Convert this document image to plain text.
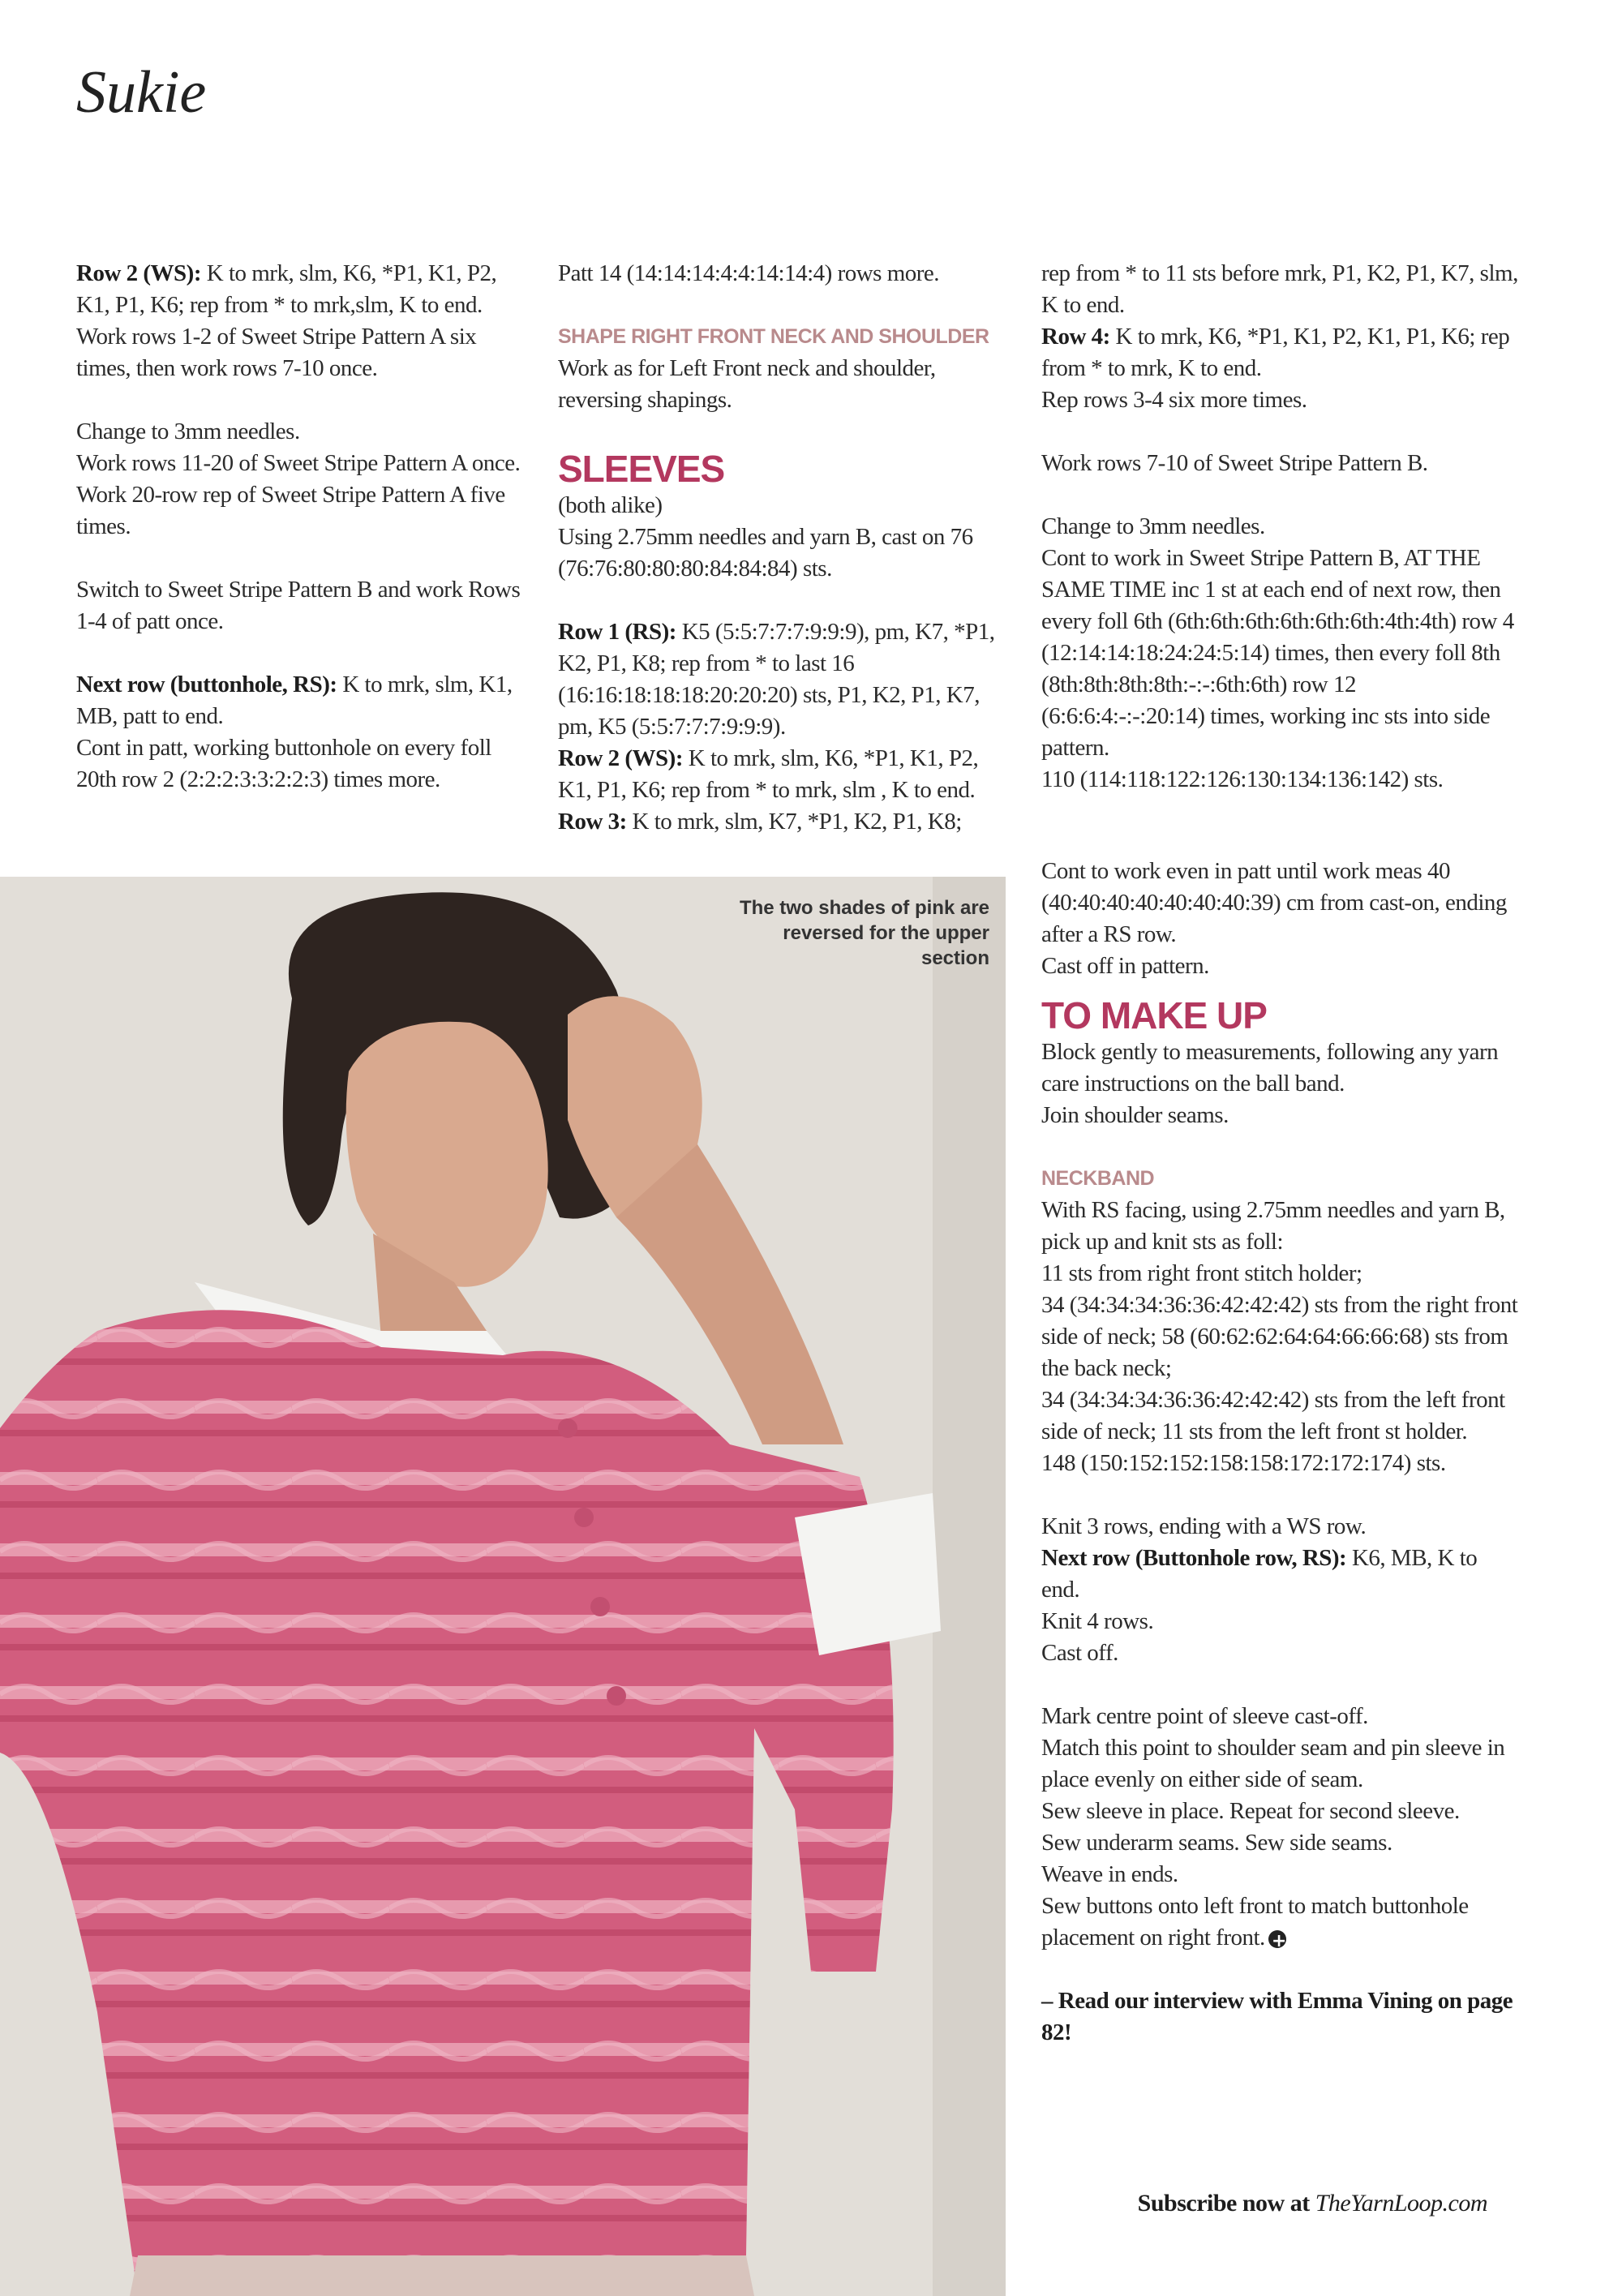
Sukie

Row 2 (WS): K to mrk, slm, K6, *P1, K1, P2, K1, P1, K6; rep from * to mrk,slm, K to end. Work rows 1-2 of Sweet Stripe Pattern A six times, then work rows 7-10 once.

Change to 3mm needles.

Work rows 11-20 of Sweet Stripe Pattern A once.

Work 20-row rep of Sweet Stripe Pattern A five times.

Switch to Sweet Stripe Pattern B and work Rows 1-4 of patt once.

Next row (buttonhole, RS): K to mrk, slm, K1, MB, patt to end.

Cont in patt, working buttonhole on every foll 20th row 2 (2:2:2:3:3:2:2:3) times more.

Patt 14 (14:14:14:4:4:14:14:4) rows more.

SHAPE RIGHT FRONT NECK AND SHOULDER

Work as for Left Front neck and shoulder, reversing shapings.

SLEEVES

(both alike)

Using 2.75mm needles and yarn B, cast on 76 (76:76:80:80:80:84:84:84) sts.

Row 1 (RS): K5 (5:5:7:7:7:9:9:9), pm, K7, *P1, K2, P1, K8; rep from * to last 16 (16:16:18:18:18:20:20:20) sts, P1, K2, P1, K7, pm, K5 (5:5:7:7:7:9:9:9).

Row 2 (WS): K to mrk, slm, K6, *P1, K1, P2, K1, P1, K6; rep from * to mrk, slm , K to end.

Row 3: K to mrk, slm, K7, *P1, K2, P1, K8;

rep from * to 11 sts before mrk, P1, K2, P1, K7, slm, K to end.

Row 4: K to mrk, K6, *P1, K1, P2, K1, P1, K6; rep from * to mrk, K to end.

Rep rows 3-4 six more times.

Work rows 7-10 of Sweet Stripe Pattern B.

Change to 3mm needles.

Cont to work in Sweet Stripe Pattern B, AT THE SAME TIME inc 1 st at each end of next row, then every foll 6th (6th:6th:6th:6th:6th:6th:4th:4th) row 4 (12:14:14:18:24:24:5:14) times, then every foll 8th (8th:8th:8th:8th:-:-:6th:6th) row 12 (6:6:6:4:-:-:20:14) times, working inc sts into side pattern.

110 (114:118:122:126:130:134:136:142) sts.

Cont to work even in patt until work meas 40 (40:40:40:40:40:40:40:39) cm from cast-on, ending after a RS row.

Cast off in pattern.

TO MAKE UP

Block gently to measurements, following any yarn care instructions on the ball band.

Join shoulder seams.

NECKBAND

With RS facing, using 2.75mm needles and yarn B, pick up and knit sts as foll:

11 sts from right front stitch holder;

34 (34:34:34:36:36:42:42:42) sts from the right front side of neck; 58 (60:62:62:64:64:66:66:68) sts from the back neck;

34 (34:34:34:36:36:42:42:42) sts from the left front side of neck; 11 sts from the left front st holder.

148 (150:152:152:158:158:172:172:174) sts.

Knit 3 rows, ending with a WS row.

Next row (Buttonhole row, RS): K6, MB, K to end.

Knit 4 rows.

Cast off.

Mark centre point of sleeve cast-off.

Match this point to shoulder seam and pin sleeve in place evenly on either side of seam.

Sew sleeve in place. Repeat for second sleeve.

Sew underarm seams. Sew side seams.

Weave in ends.

Sew buttons onto left front to match buttonhole placement on right front.+

– Read our interview with Emma Vining on page 82!

The two shades of pink are reversed for the upper section
Subscribe now at TheYarnLoop.com
